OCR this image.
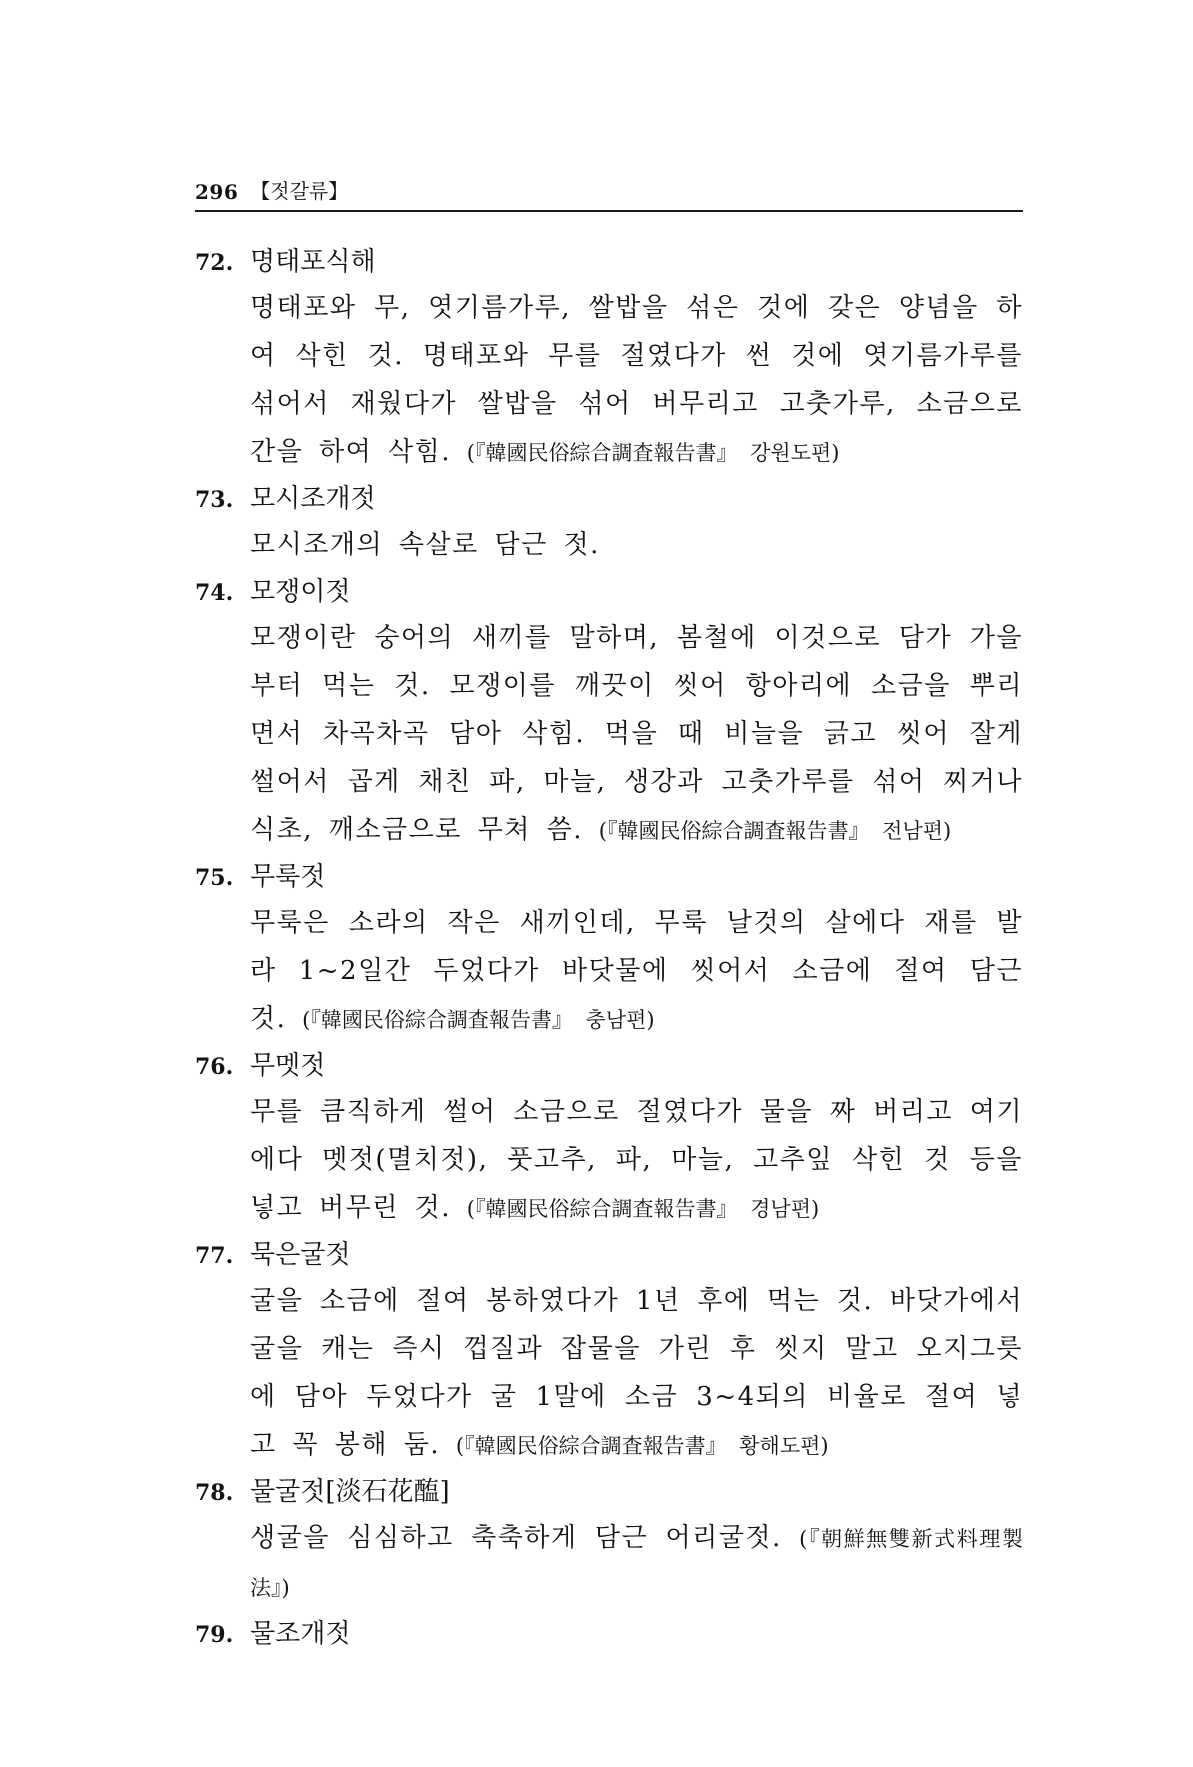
296 【젓갈류】
72. 명태포식해
명태포와 무, 엿기름가루, 쌀밥을 섞은 것에 갖은 양념을 하여 삭힌 것. 명태포와 무를 절였다가 썬 것에 엿기름가루를 섞어서 재웠다가 쌀밥을 섞어 버무리고 고춧가루, 소금으로 간을 하여 삭힘. (『韓國民俗綜合調査報告書』 강원도편)
73. 모시조개젓
모시조개의 속살로 담근 젓.
74. 모쟁이젓
모쟁이란 숭어의 새끼를 말하며, 봄철에 이것으로 담가 가을부터 먹는 것. 모쟁이를 깨끗이 씻어 항아리에 소금을 뿌리면서 차곡차곡 담아 삭힘. 먹을 때 비늘을 긁고 씻어 잘게 썰어서 곱게 채친 파, 마늘, 생강과 고춧가루를 섞어 찌거나 식초, 깨소금으로 무쳐 씀. (『韓國民俗綜合調査報告書』 전남편)
75. 무룩젓
무룩은 소라의 작은 새끼인데, 무룩 날것의 살에다 재를 발라 1~2일간 두었다가 바닷물에 씻어서 소금에 절여 담근 것. (『韓國民俗綜合調査報告書』 충남편)
76. 무멧젓
무를 큼직하게 썰어 소금으로 절였다가 물을 짜 버리고 여기에다 멧젓(멸치젓), 풋고추, 파, 마늘, 고추잎 삭힌 것 등을 넣고 버무린 것. (『韓國民俗綜合調査報告書』 경남편)
77. 묵은굴젓
굴을 소금에 절여 봉하였다가 1년 후에 먹는 것. 바닷가에서 굴을 캐는 즉시 껍질과 잡물을 가린 후 씻지 말고 오지그릇에 담아 두었다가 굴 1말에 소금 3~4되의 비율로 절여 넣고 꼭 봉해 둠. (『韓國民俗綜合調査報告書』 황해도편)
78. 물굴젓[淡石花醢]
생굴을 심심하고 축축하게 담근 어리굴젓. (『朝鮮無雙新式料理製法』)
79. 물조개젓
